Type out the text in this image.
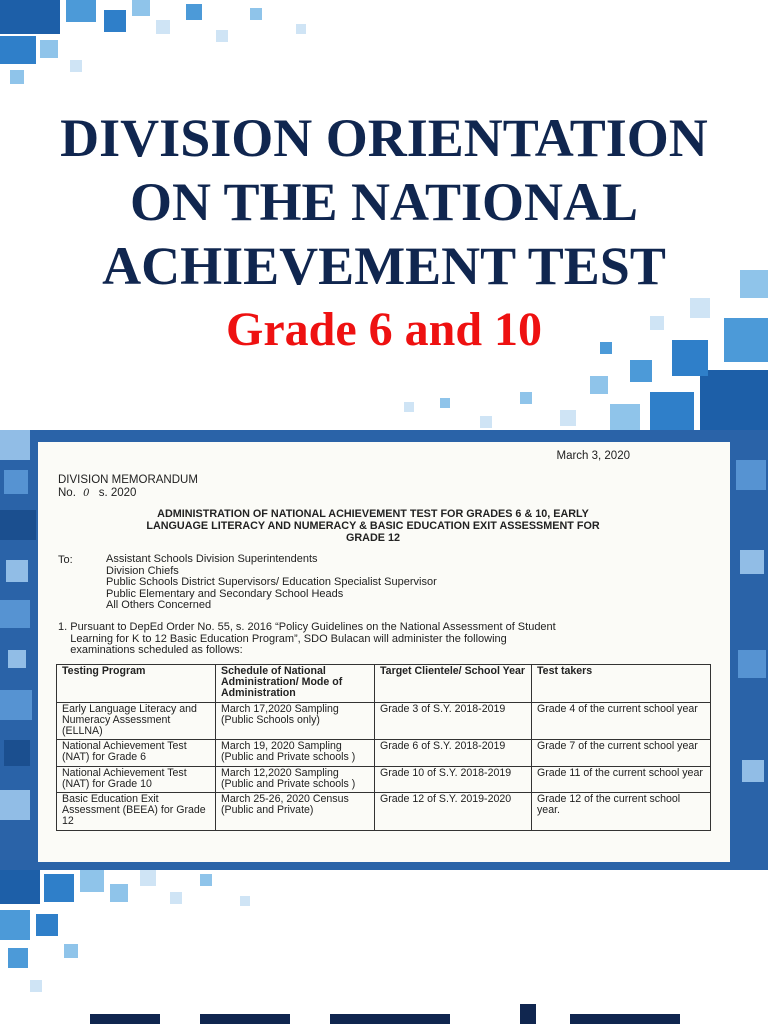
DIVISION ORIENTATION
ON THE NATIONAL
ACHIEVEMENT TEST
Grade 6 and 10
March 3, 2020
DIVISION MEMORANDUM
No. 0 s. 2020
ADMINISTRATION OF NATIONAL ACHIEVEMENT TEST FOR GRADES 6 & 10, EARLY
LANGUAGE LITERACY AND NUMERACY & BASIC EDUCATION EXIT ASSESSMENT FOR
GRADE 12
To:	Assistant Schools Division Superintendents
Division Chiefs
Public Schools District Supervisors/ Education Specialist Supervisor
Public Elementary and Secondary School Heads
All Others Concerned
1. Pursuant to DepEd Order No. 55, s. 2016 “Policy Guidelines on the National Assessment of Student
Learning for K to 12 Basic Education Program”, SDO Bulacan will administer the following
examinations scheduled as follows:
Testing Program	Schedule of National Administration/ Mode of Administration	Target Clientele/ School Year	Test takers
Early Language Literacy and Numeracy Assessment (ELLNA)	March 17,2020 Sampling (Public Schools only)	Grade 3 of S.Y. 2018-2019	Grade 4 of the current school year
National Achievement Test (NAT) for Grade 6	March 19, 2020 Sampling (Public and Private schools )	Grade 6 of S.Y. 2018-2019	Grade 7 of the current school year
National Achievement Test (NAT) for Grade 10	March 12,2020 Sampling (Public and Private schools )	Grade 10 of S.Y. 2018-2019	Grade 11 of the current school year
Basic Education Exit Assessment (BEEA) for Grade 12	March 25-26, 2020 Census (Public and Private)	Grade 12 of S.Y. 2019-2020	Grade 12 of the current school year.
